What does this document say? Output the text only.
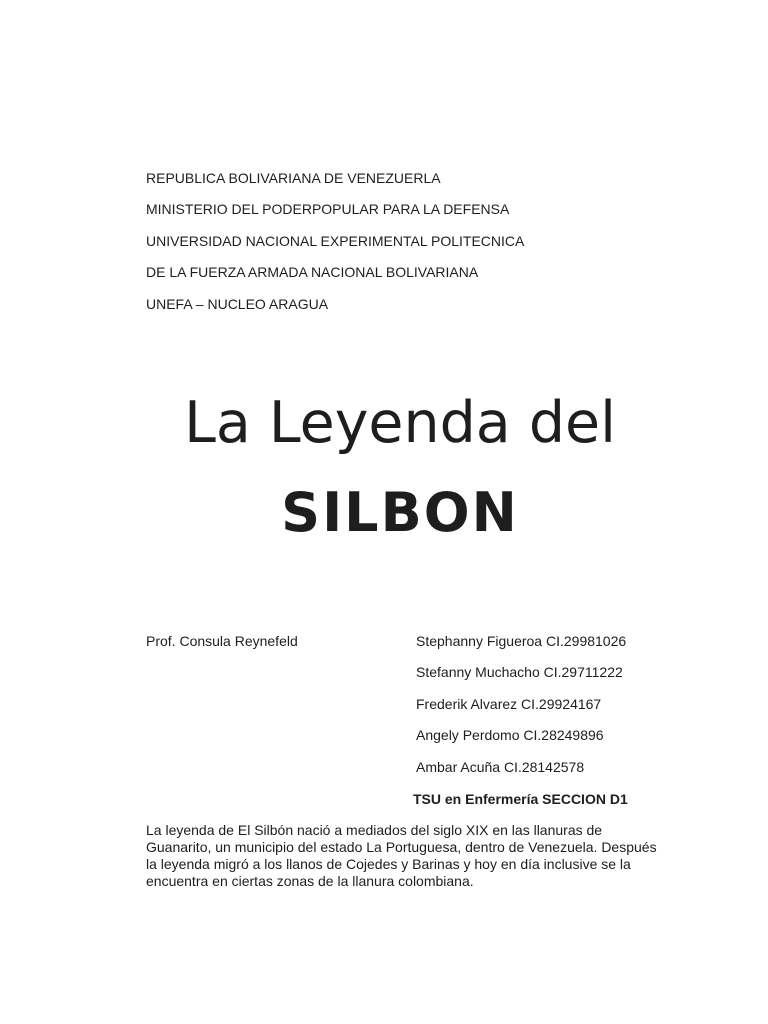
REPUBLICA BOLIVARIANA DE VENEZUERLA
MINISTERIO DEL PODERPOPULAR PARA LA DEFENSA
UNIVERSIDAD NACIONAL EXPERIMENTAL POLITECNICA
DE LA FUERZA ARMADA NACIONAL BOLIVARIANA
UNEFA – NUCLEO ARAGUA
La Leyenda del
SILBON
Prof. Consula Reynefeld	Stephanny Figueroa CI.29981026
Stefanny Muchacho CI.29711222
Frederik Alvarez CI.29924167
Angely Perdomo CI.28249896
Ambar Acuña CI.28142578
TSU en Enfermería SECCION D1

La leyenda de El Silbón nació a mediados del siglo XIX en las llanuras de Guanarito, un municipio del estado La Portuguesa, dentro de Venezuela. Después la leyenda migró a los llanos de Cojedes y Barinas y hoy en día inclusive se la encuentra en ciertas zonas de la llanura colombiana.
